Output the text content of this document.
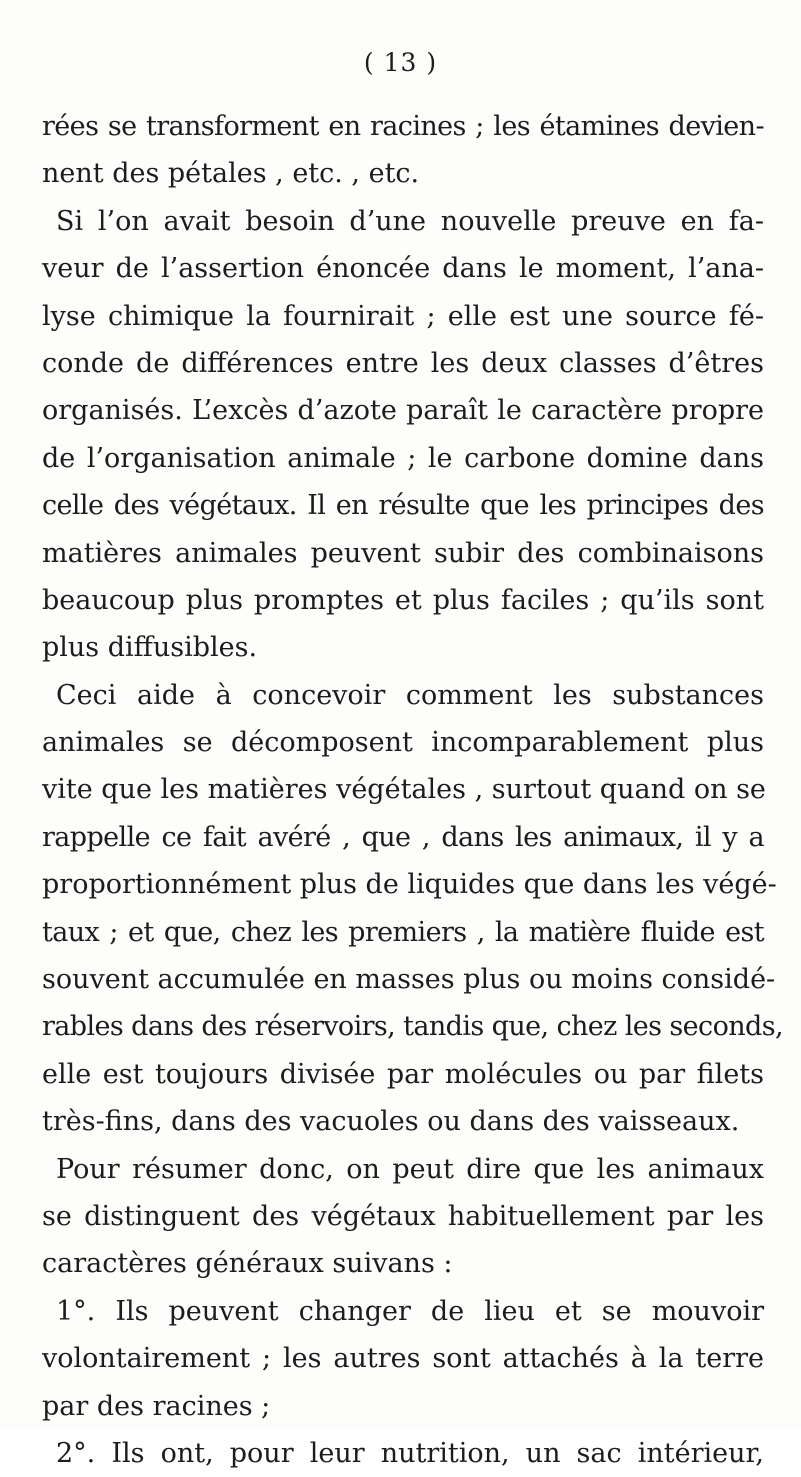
( 13 )
rées se transforment en racines ; les étamines devien-
nent des pétales , etc. , etc.
Si l’on avait besoin d’une nouvelle preuve en fa-
veur de l’assertion énoncée dans le moment, l’ana-
lyse chimique la fournirait ; elle est une source fé-
conde de différences entre les deux classes d’êtres
organisés. L’excès d’azote paraît le caractère propre
de l’organisation animale ; le carbone domine dans
celle des végétaux. Il en résulte que les principes des
matières animales peuvent subir des combinaisons
beaucoup plus promptes et plus faciles ; qu’ils sont
plus diffusibles.
Ceci aide à concevoir comment les substances
animales se décomposent incomparablement plus
vite que les matières végétales , surtout quand on se
rappelle ce fait avéré , que , dans les animaux, il y a
proportionnément plus de liquides que dans les végé-
taux ; et que, chez les premiers , la matière fluide est
souvent accumulée en masses plus ou moins considé-
rables dans des réservoirs, tandis que, chez les seconds,
elle est toujours divisée par molécules ou par filets
très-fins, dans des vacuoles ou dans des vaisseaux.
Pour résumer donc, on peut dire que les animaux
se distinguent des végétaux habituellement par les
caractères généraux suivans :
1°. Ils peuvent changer de lieu et se mouvoir
volontairement ; les autres sont attachés à la terre
par des racines ;
2°. Ils ont, pour leur nutrition, un sac intérieur,
